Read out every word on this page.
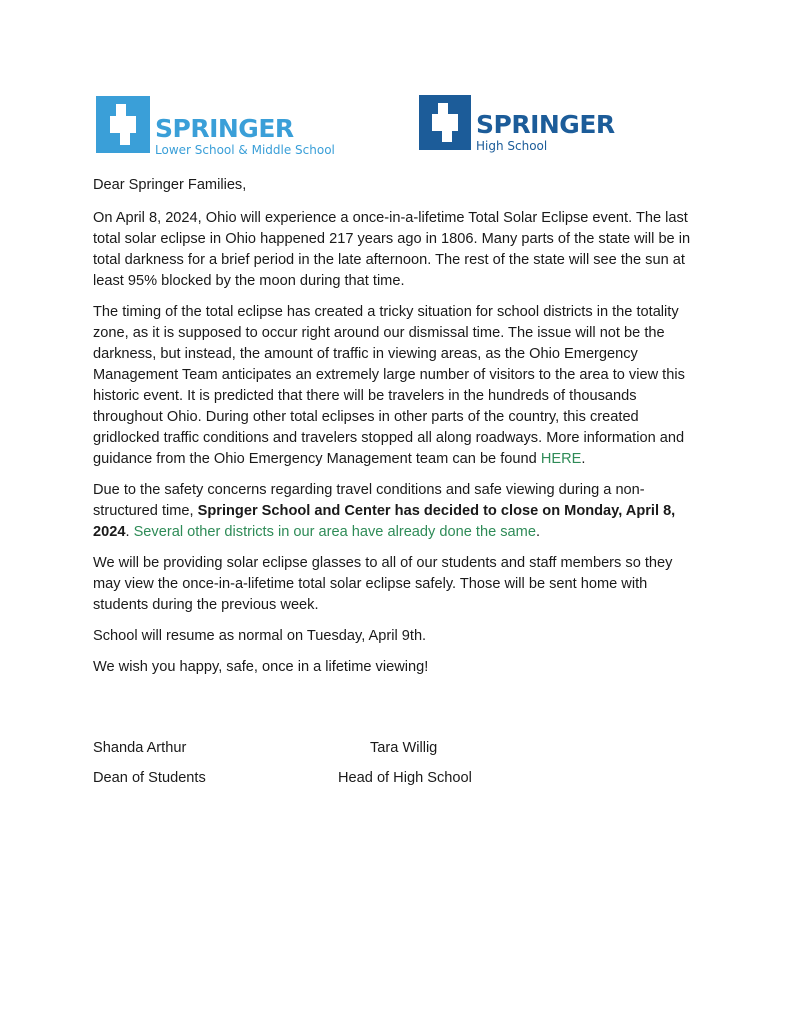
SPRINGER
Lower School & Middle School
SPRINGER
High School

Dear Springer Families,

On April 8, 2024, Ohio will experience a once-in-a-lifetime Total Solar Eclipse event. The last total solar eclipse in Ohio happened 217 years ago in 1806. Many parts of the state will be in total darkness for a brief period in the late afternoon. The rest of the state will see the sun at least 95% blocked by the moon during that time.

The timing of the total eclipse has created a tricky situation for school districts in the totality zone, as it is supposed to occur right around our dismissal time. The issue will not be the darkness, but instead, the amount of traffic in viewing areas, as the Ohio Emergency Management Team anticipates an extremely large number of visitors to the area to view this historic event. It is predicted that there will be travelers in the hundreds of thousands throughout Ohio. During other total eclipses in other parts of the country, this created gridlocked traffic conditions and travelers stopped all along roadways. More information and guidance from the Ohio Emergency Management team can be found HERE.

Due to the safety concerns regarding travel conditions and safe viewing during a non-structured time, Springer School and Center has decided to close on Monday, April 8, 2024. Several other districts in our area have already done the same.

We will be providing solar eclipse glasses to all of our students and staff members so they may view the once-in-a-lifetime total solar eclipse safely. Those will be sent home with students during the previous week.

School will resume as normal on Tuesday, April 9th.

We wish you happy, safe, once in a lifetime viewing!

Shanda Arthur
Dean of Students
Tara Willig
Head of High School
